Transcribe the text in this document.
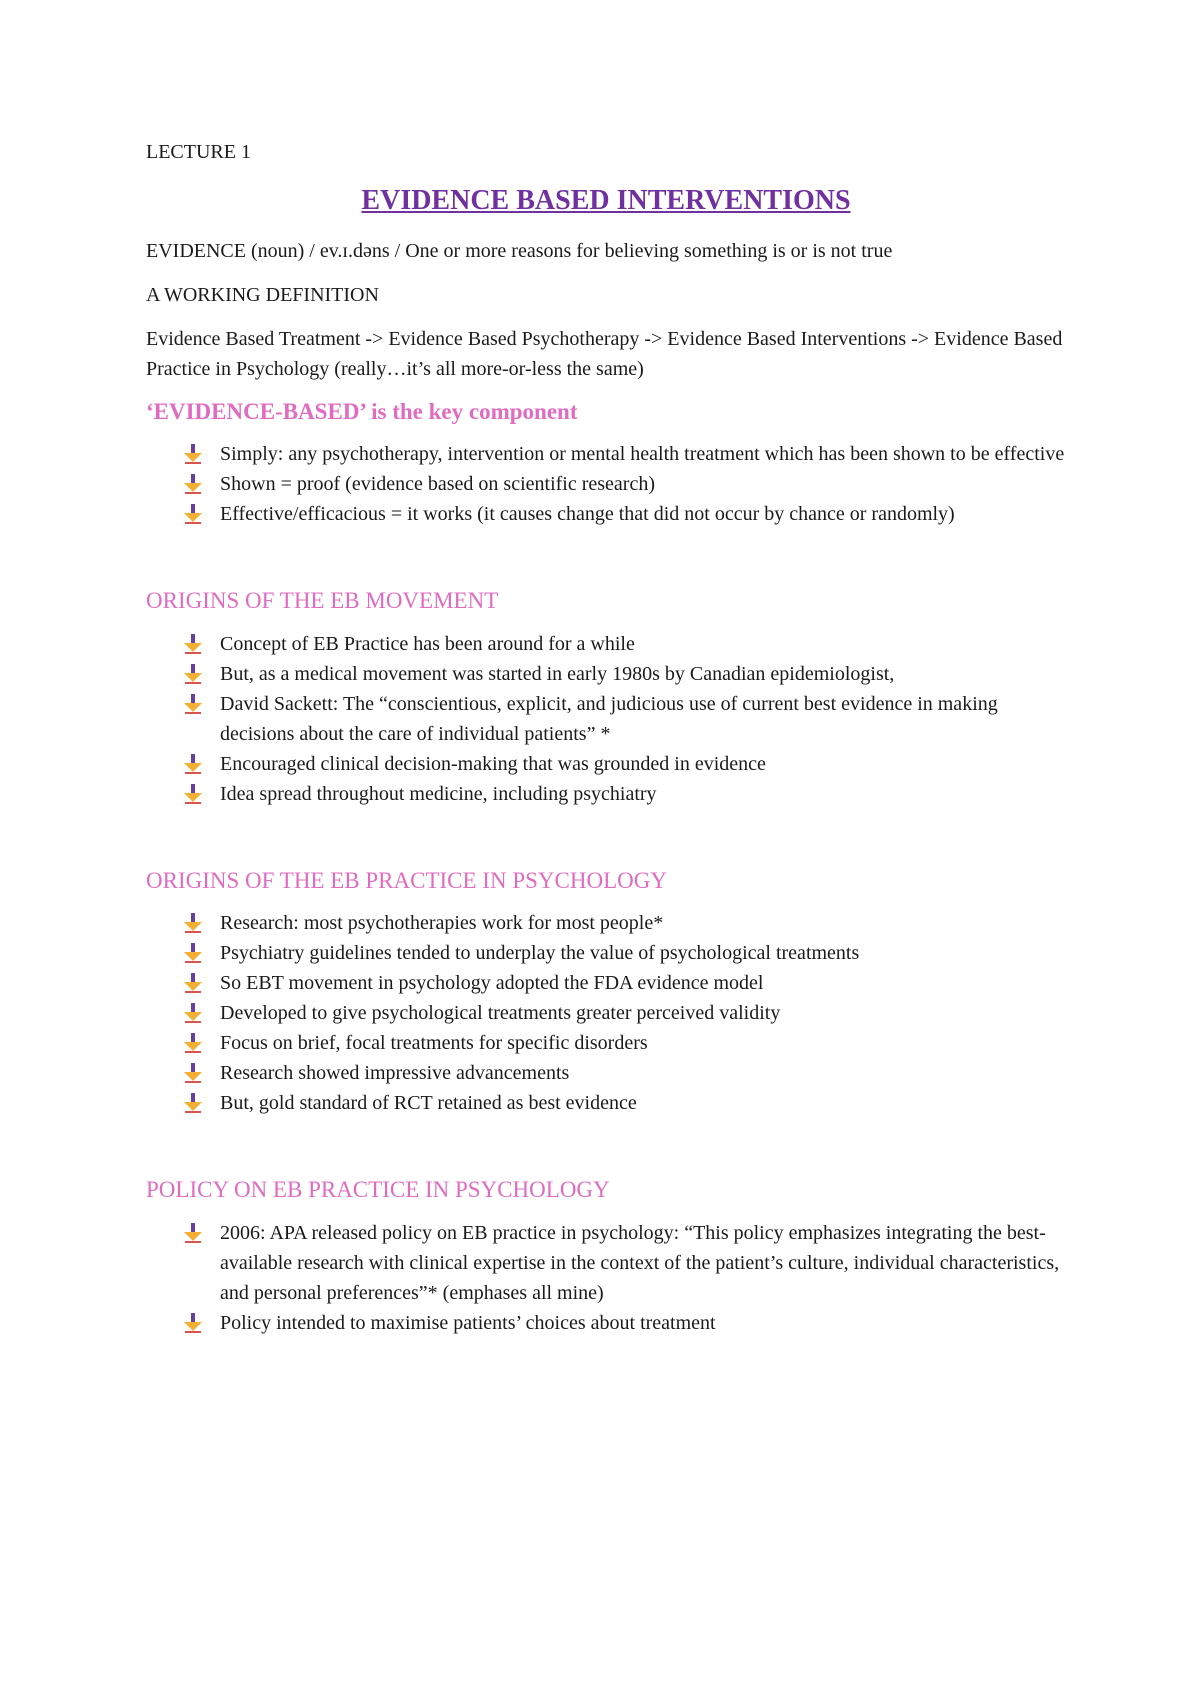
LECTURE 1
EVIDENCE BASED INTERVENTIONS
EVIDENCE (noun) / ev.ɪ.dəns / One or more reasons for believing something is or is not true
A WORKING DEFINITION
Evidence Based Treatment -> Evidence Based Psychotherapy -> Evidence Based Interventions -> Evidence Based Practice in Psychology (really…it’s all more-or-less the same)
‘EVIDENCE-BASED’ is the key component
Simply: any psychotherapy, intervention or mental health treatment which has been shown to be effective
Shown = proof (evidence based on scientific research)
Effective/efficacious = it works (it causes change that did not occur by chance or randomly)
ORIGINS OF THE EB MOVEMENT
Concept of EB Practice has been around for a while
But, as a medical movement was started in early 1980s by Canadian epidemiologist,
David Sackett: The “conscientious, explicit, and judicious use of current best evidence in making decisions about the care of individual patients” *
Encouraged clinical decision-making that was grounded in evidence
Idea spread throughout medicine, including psychiatry
ORIGINS OF THE EB PRACTICE IN PSYCHOLOGY
Research: most psychotherapies work for most people*
Psychiatry guidelines tended to underplay the value of psychological treatments
So EBT movement in psychology adopted the FDA evidence model
Developed to give psychological treatments greater perceived validity
Focus on brief, focal treatments for specific disorders
Research showed impressive advancements
But, gold standard of RCT retained as best evidence
POLICY ON EB PRACTICE IN PSYCHOLOGY
2006: APA released policy on EB practice in psychology: “This policy emphasizes integrating the best-available research with clinical expertise in the context of the patient’s culture, individual characteristics, and personal preferences”* (emphases all mine)
Policy intended to maximise patients’ choices about treatment
